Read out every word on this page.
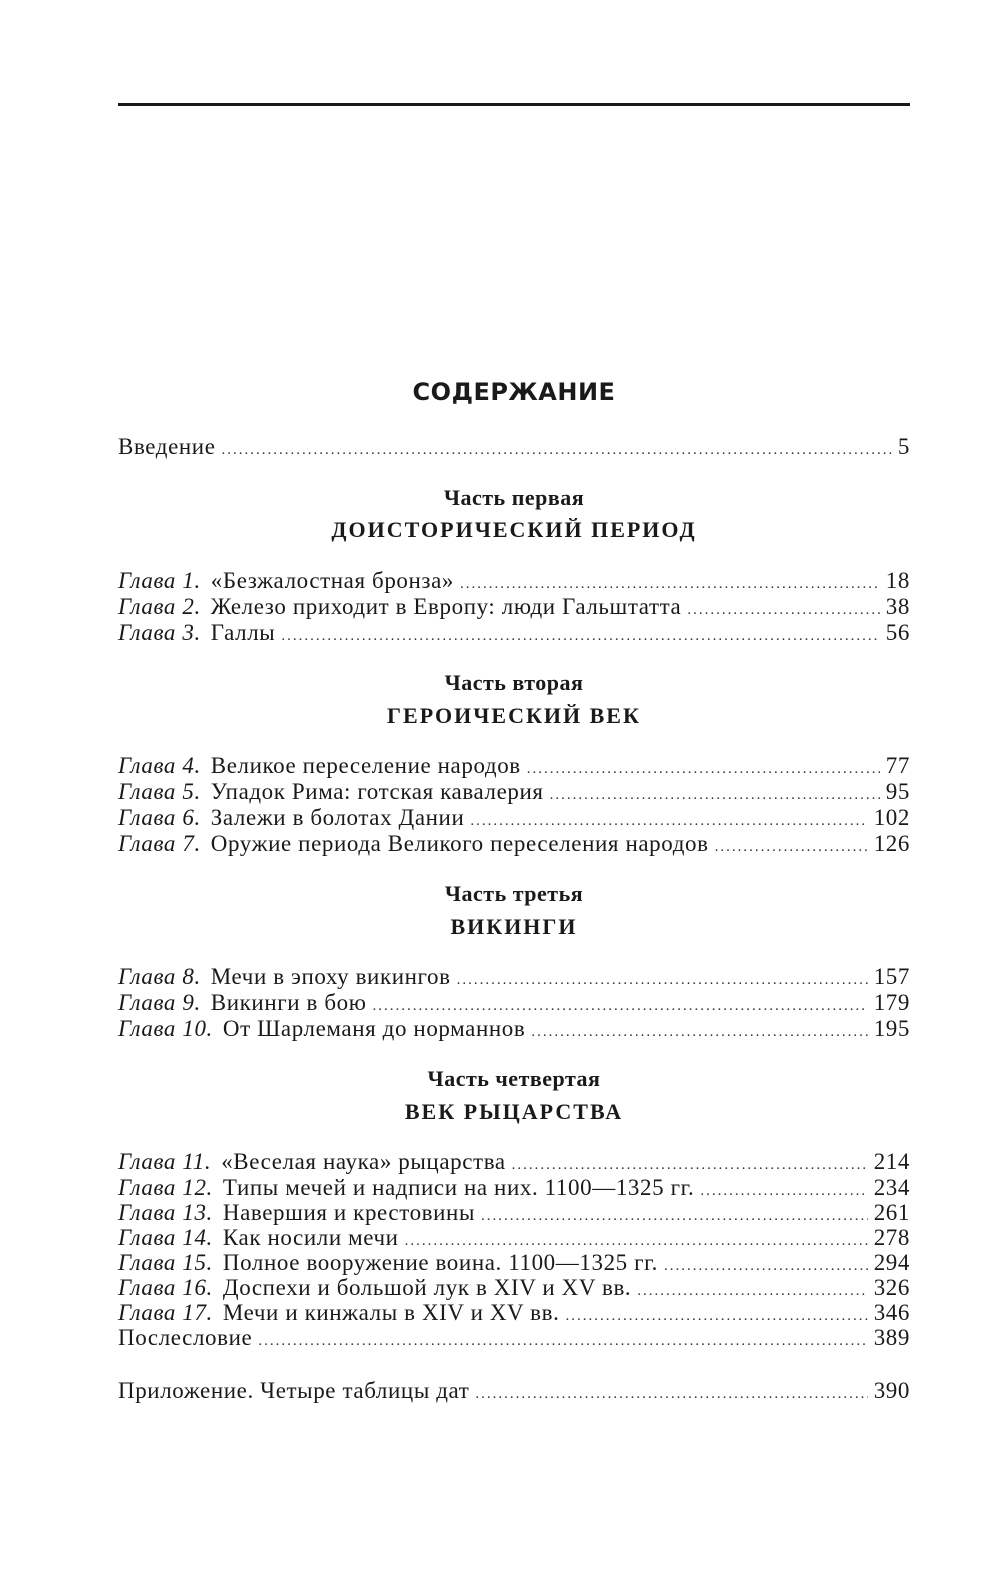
СОДЕРЖАНИЕ
Введение .....	5
Часть первая
ДОИСТОРИЧЕСКИЙ ПЕРИОД
Глава 1. «Безжалостная бронза» .....	18
Глава 2. Железо приходит в Европу: люди Гальштатта .....	38
Глава 3. Галлы .....	56
Часть вторая
ГЕРОИЧЕСКИЙ ВЕК
Глава 4. Великое переселение народов .....	77
Глава 5. Упадок Рима: готская кавалерия .....	95
Глава 6. Залежи в болотах Дании .....	102
Глава 7. Оружие периода Великого переселения народов .....	126
Часть третья
ВИКИНГИ
Глава 8. Мечи в эпоху викингов .....	157
Глава 9. Викинги в бою .....	179
Глава 10. От Шарлеманя до норманнов .....	195
Часть четвертая
ВЕК РЫЦАРСТВА
Глава 11. «Веселая наука» рыцарства .....	214
Глава 12. Типы мечей и надписи на них. 1100—1325 гг. .....	234
Глава 13. Навершия и крестовины .....	261
Глава 14. Как носили мечи .....	278
Глава 15. Полное вооружение воина. 1100—1325 гг. .....	294
Глава 16. Доспехи и большой лук в XIV и XV вв. .....	326
Глава 17. Мечи и кинжалы в XIV и XV вв. .....	346
Послесловие .....	389
Приложение. Четыре таблицы дат .....	390
